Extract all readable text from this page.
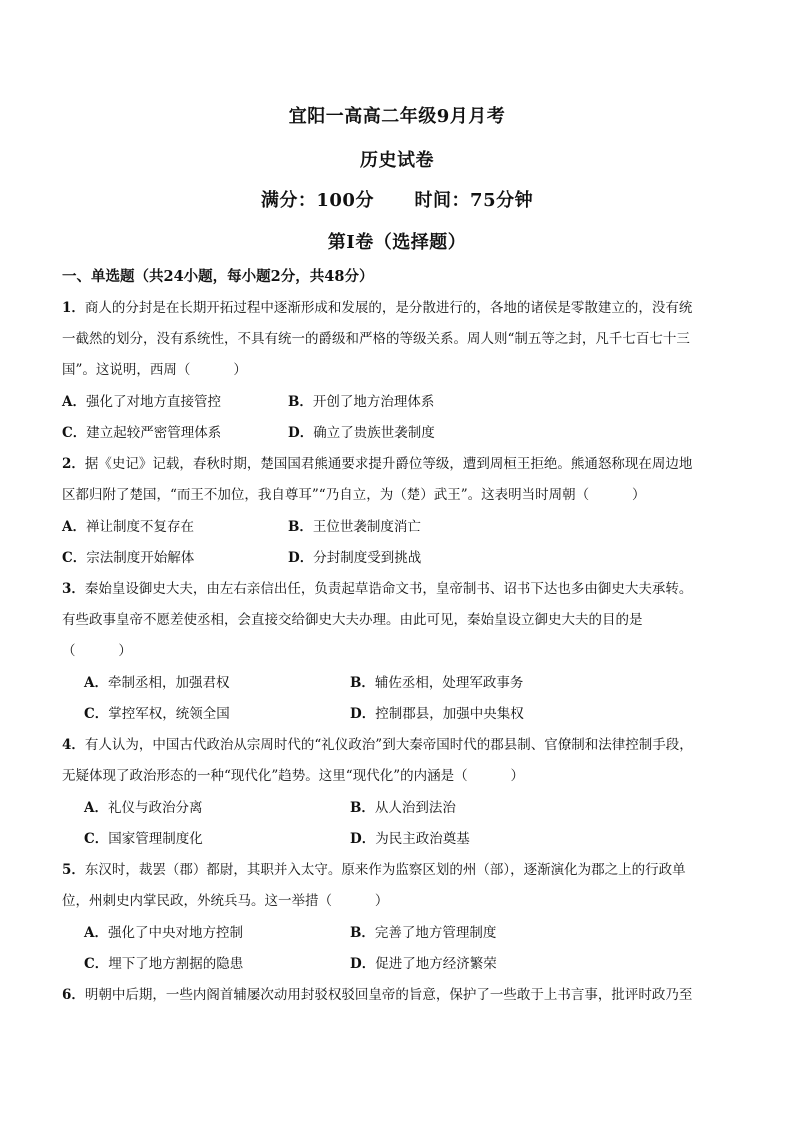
宜阳一高高二年级9月月考
历史试卷
满分：100分      时间：75分钟
第I卷（选择题）
一、单选题（共24小题，每小题2分，共48分）
1．商人的分封是在长期开拓过程中逐渐形成和发展的，是分散进行的，各地的诸侯是零散建立的，没有统
一截然的划分，没有系统性，不具有统一的爵级和严格的等级关系。周人则“制五等之封，凡千七百七十三
国”。这说明，西周（          ）
A．强化了对地方直接管控	B．开创了地方治理体系
C．建立起较严密管理体系	D．确立了贵族世袭制度
2．据《史记》记载，春秋时期，楚国国君熊通要求提升爵位等级，遭到周桓王拒绝。熊通怒称现在周边地
区都归附了楚国，“而王不加位，我自尊耳”“乃自立，为（楚）武王”。这表明当时周朝（          ）
A．禅让制度不复存在	B．王位世袭制度消亡
C．宗法制度开始解体	D．分封制度受到挑战
3．秦始皇设御史大夫，由左右亲信出任，负责起草诰命文书，皇帝制书、诏书下达也多由御史大夫承转。
有些政事皇帝不愿差使丞相，会直接交给御史大夫办理。由此可见，秦始皇设立御史大夫的目的是
（          ）
A．牵制丞相，加强君权	B．辅佐丞相，处理军政事务
C．掌控军权，统领全国	D．控制郡县，加强中央集权
4．有人认为，中国古代政治从宗周时代的“礼仪政治”到大秦帝国时代的郡县制、官僚制和法律控制手段，
无疑体现了政治形态的一种“现代化”趋势。这里“现代化”的内涵是（          ）
A．礼仪与政治分离	B．从人治到法治
C．国家管理制度化	D．为民主政治奠基
5．东汉时，裁罢（郡）都尉，其职并入太守。原来作为监察区划的州（部），逐渐演化为郡之上的行政单
位，州刺史内掌民政，外统兵马。这一举措（          ）
A．强化了中央对地方控制	B．完善了地方管理制度
C．埋下了地方割据的隐患	D．促进了地方经济繁荣
6．明朝中后期，一些内阁首辅屡次动用封驳权驳回皇帝的旨意，保护了一些敢于上书言事，批评时政乃至
